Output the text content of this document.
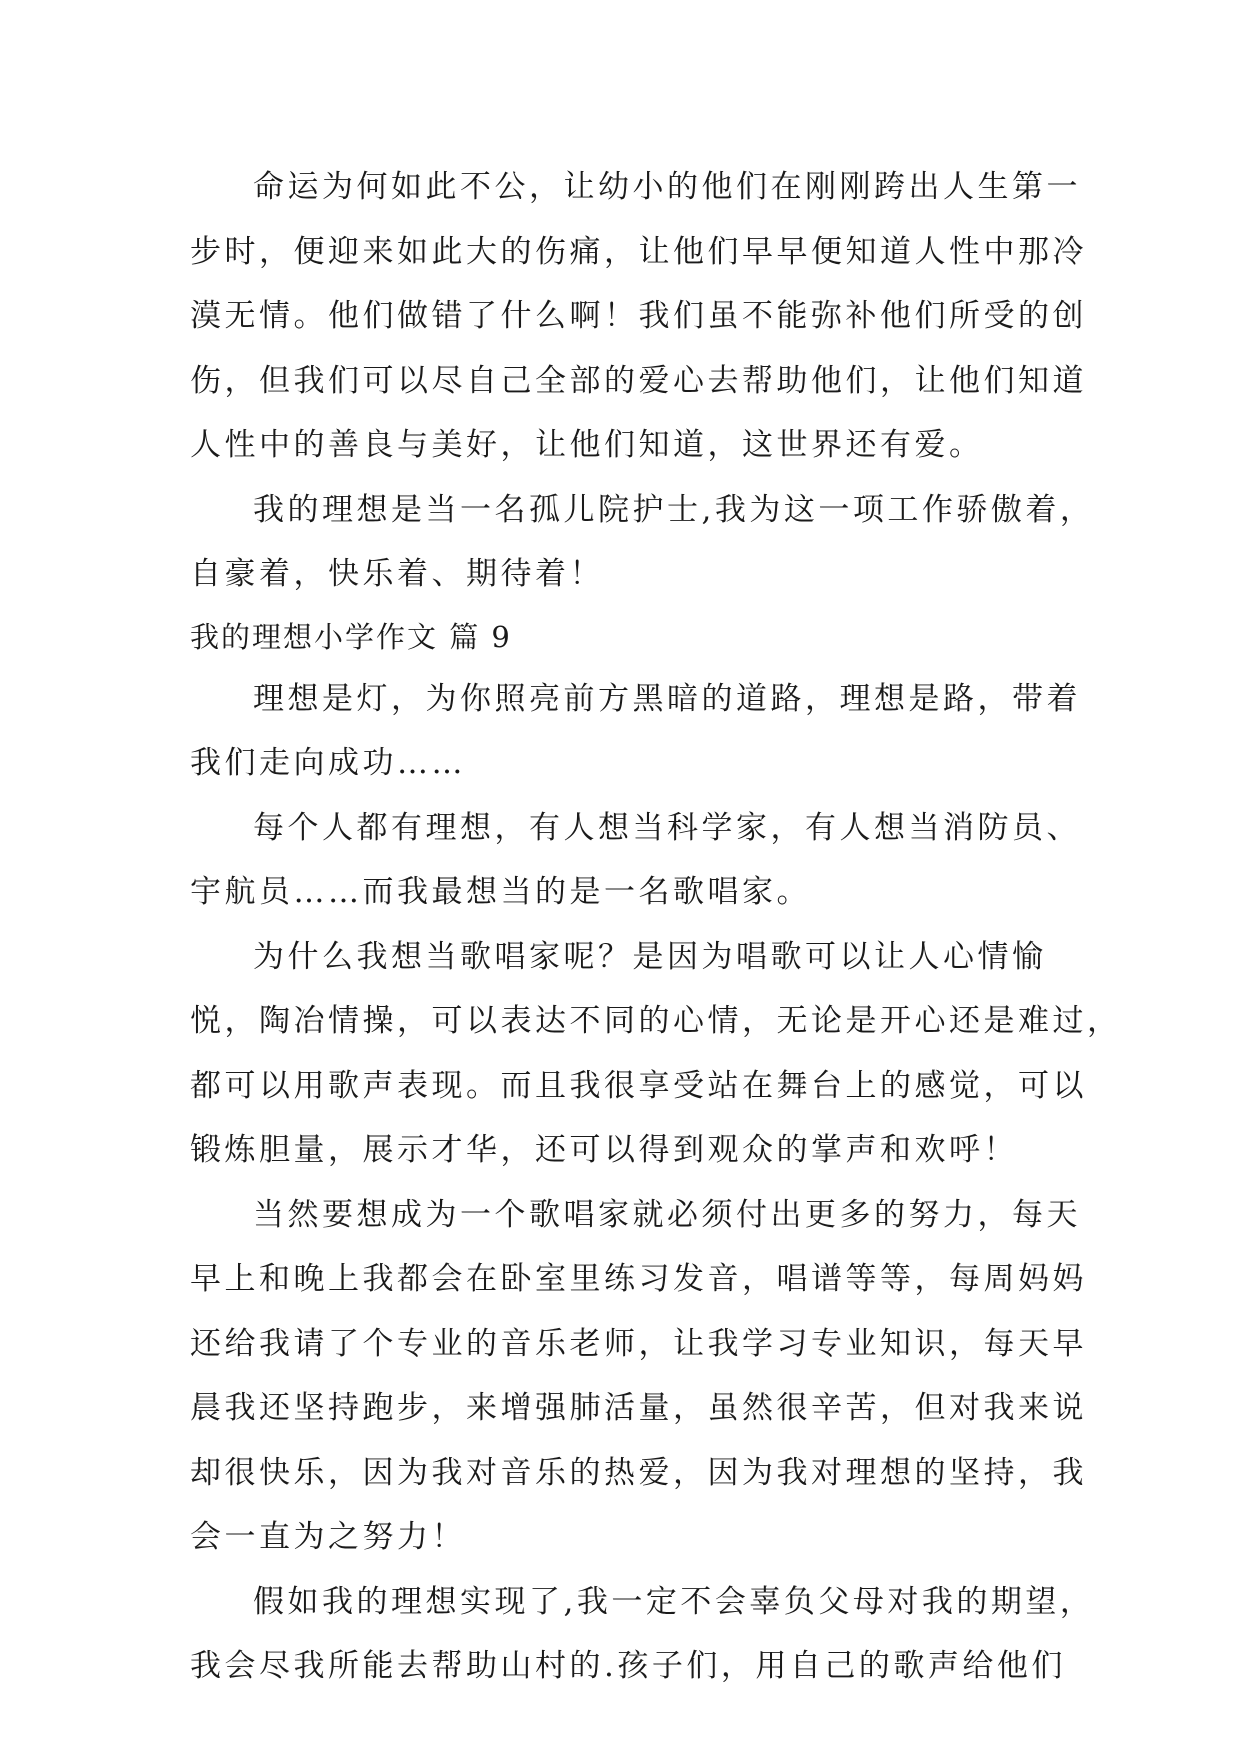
命运为何如此不公，让幼小的他们在刚刚跨出人生第一
步时，便迎来如此大的伤痛，让他们早早便知道人性中那冷
漠无情。他们做错了什么啊！我们虽不能弥补他们所受的创
伤，但我们可以尽自己全部的爱心去帮助他们，让他们知道
人性中的善良与美好，让他们知道，这世界还有爱。
我的理想是当一名孤儿院护士,我为这一项工作骄傲着，
自豪着，快乐着、期待着！
我的理想小学作文 篇 9
理想是灯，为你照亮前方黑暗的道路，理想是路，带着
我们走向成功……
每个人都有理想，有人想当科学家，有人想当消防员、
宇航员……而我最想当的是一名歌唱家。
为什么我想当歌唱家呢？是因为唱歌可以让人心情愉
悦，陶冶情操，可以表达不同的心情，无论是开心还是难过，
都可以用歌声表现。而且我很享受站在舞台上的感觉，可以
锻炼胆量，展示才华，还可以得到观众的掌声和欢呼！
当然要想成为一个歌唱家就必须付出更多的努力，每天
早上和晚上我都会在卧室里练习发音，唱谱等等，每周妈妈
还给我请了个专业的音乐老师，让我学习专业知识，每天早
晨我还坚持跑步，来增强肺活量，虽然很辛苦，但对我来说
却很快乐，因为我对音乐的热爱，因为我对理想的坚持，我
会一直为之努力！
假如我的理想实现了,我一定不会辜负父母对我的期望，
我会尽我所能去帮助山村的.孩子们，用自己的歌声给他们
